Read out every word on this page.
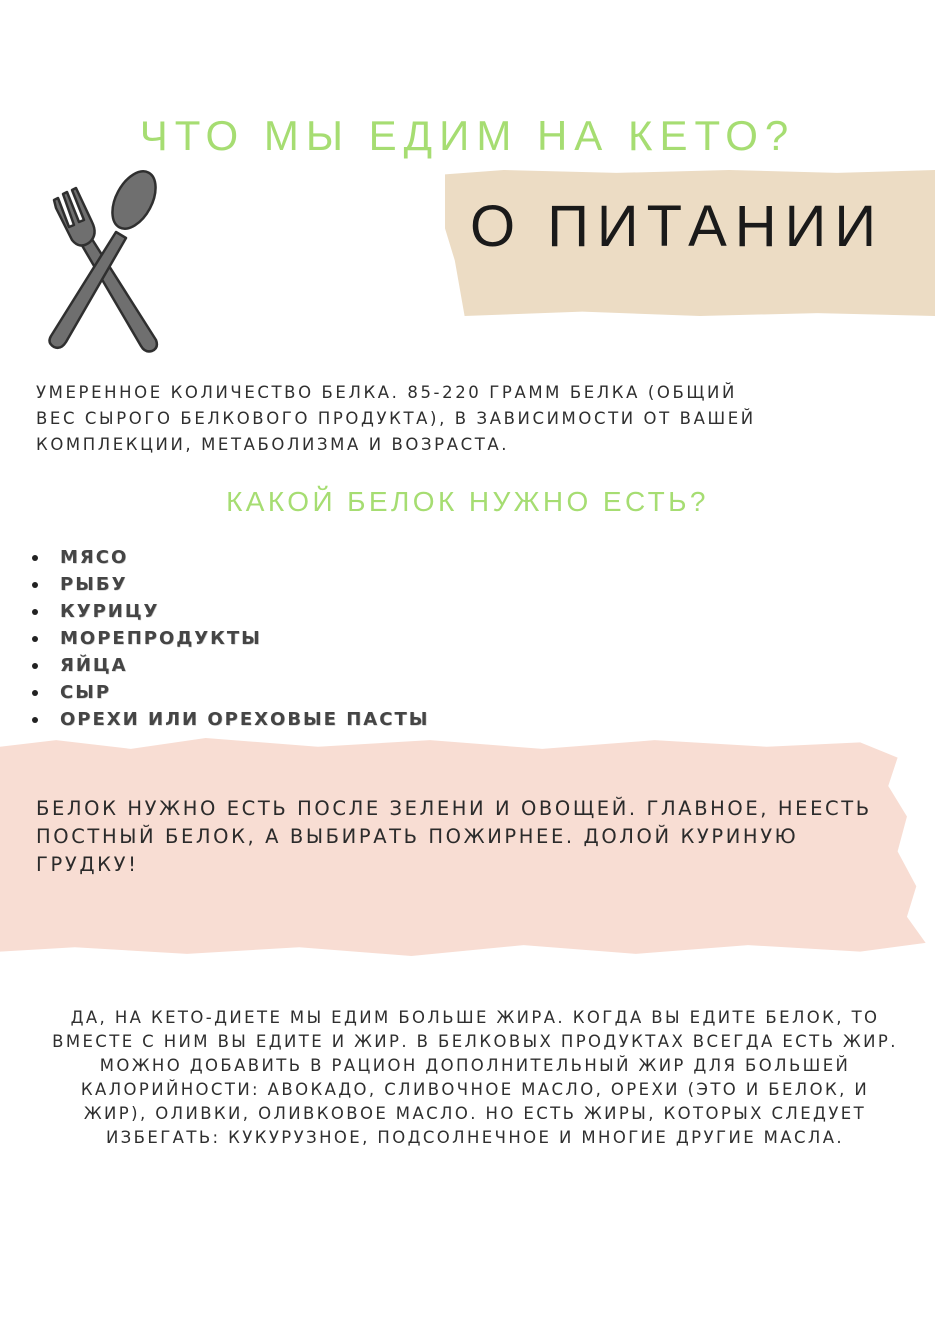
ЧТО МЫ ЕДИМ НА КЕТО?
О ПИТАНИИ
УМЕРЕННОЕ КОЛИЧЕСТВО БЕЛКА. 85-220 ГРАММ БЕЛКА (ОБЩИЙ
ВЕС СЫРОГО БЕЛКОВОГО ПРОДУКТА), В ЗАВИСИМОСТИ ОТ ВАШЕЙ
КОМПЛЕКЦИИ, МЕТАБОЛИЗМА И ВОЗРАСТА.
КАКОЙ БЕЛОК НУЖНО ЕСТЬ?
МЯСО
РЫБУ
КУРИЦУ
МОРЕПРОДУКТЫ
ЯЙЦА
СЫР
ОРЕХИ ИЛИ ОРЕХОВЫЕ ПАСТЫ
БЕЛОК НУЖНО ЕСТЬ ПОСЛЕ ЗЕЛЕНИ И ОВОЩЕЙ. ГЛАВНОЕ, НЕЕСТЬ
ПОСТНЫЙ БЕЛОК, А ВЫБИРАТЬ ПОЖИРНЕЕ. ДОЛОЙ КУРИНУЮ
ГРУДКУ!
ДА, НА КЕТО-ДИЕТЕ МЫ ЕДИМ БОЛЬШЕ ЖИРА. КОГДА ВЫ ЕДИТЕ БЕЛОК, ТО
ВМЕСТЕ С НИМ ВЫ ЕДИТЕ И ЖИР. В БЕЛКОВЫХ ПРОДУКТАХ ВСЕГДА ЕСТЬ ЖИР.
МОЖНО ДОБАВИТЬ В РАЦИОН ДОПОЛНИТЕЛЬНЫЙ ЖИР ДЛЯ БОЛЬШЕЙ
КАЛОРИЙНОСТИ: АВОКАДО, СЛИВОЧНОЕ МАСЛО, ОРЕХИ (ЭТО И БЕЛОК, И
ЖИР), ОЛИВКИ, ОЛИВКОВОЕ МАСЛО. НО ЕСТЬ ЖИРЫ, КОТОРЫХ СЛЕДУЕТ
ИЗБЕГАТЬ: КУКУРУЗНОЕ, ПОДСОЛНЕЧНОЕ И МНОГИЕ ДРУГИЕ МАСЛА.
